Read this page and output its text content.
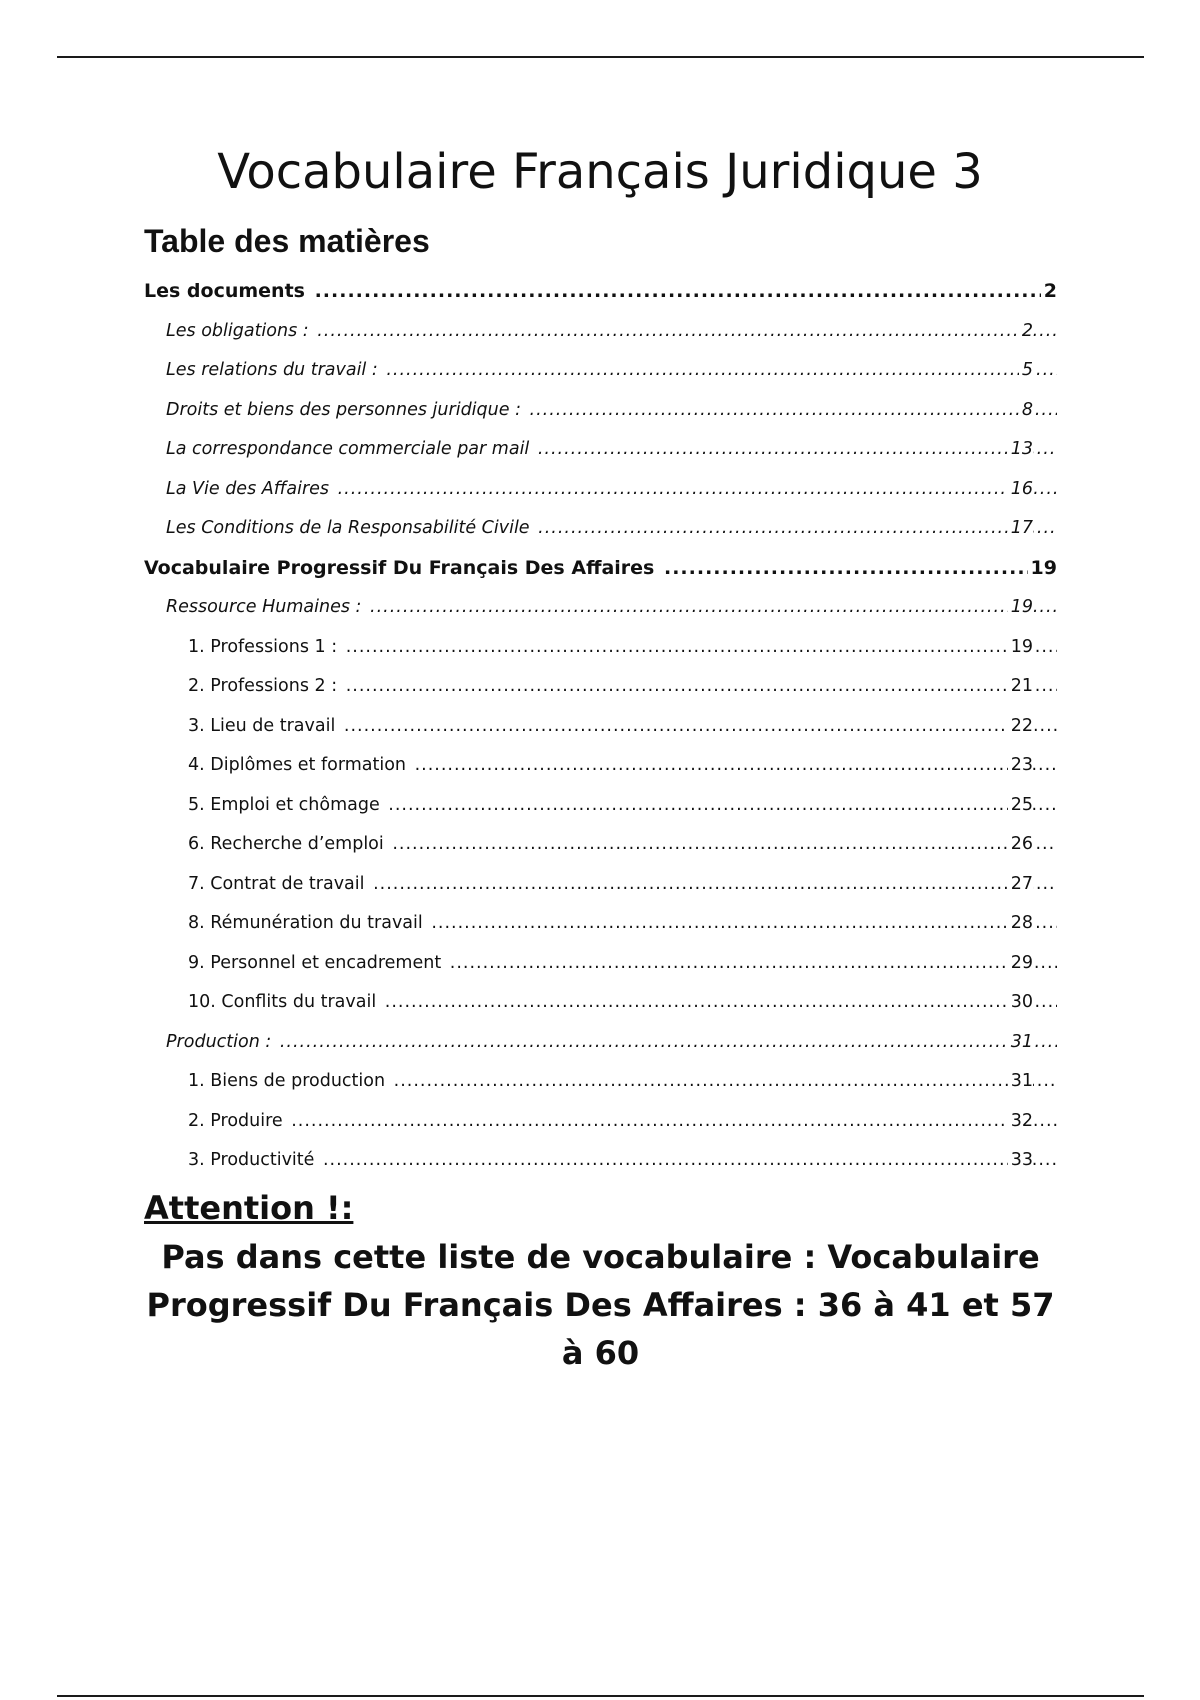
Vocabulaire Français Juridique 3
Table des matières
Les documents	2
.....
Les obligations :	2
.....
Les relations du travail :	5
.....
Droits et biens des personnes juridique :	8
.....
La correspondance commerciale par mail	13
.....
La Vie des Affaires	16
.....
Les Conditions de la Responsabilité Civile	17
.....
Vocabulaire Progressif Du Français Des Affaires	19
.....
Ressource Humaines :	19
.....
1. Professions 1 :	19
.....
2. Professions 2 :	21
.....
3. Lieu de travail	22
.....
4. Diplômes et formation	23
.....
5. Emploi et chômage	25
.....
6. Recherche d’emploi	26
.....
7. Contrat de travail	27
.....
8. Rémunération du travail	28
.....
9. Personnel et encadrement	29
.....
10. Conflits du travail	30
.....
Production :	31
.....
1. Biens de production	31
.....
2. Produire	32
.....
3. Productivité	33
.....

Attention !:

Pas dans cette liste de vocabulaire : Vocabulaire Progressif Du Français Des Affaires : 36 à 41 et 57 à 60
